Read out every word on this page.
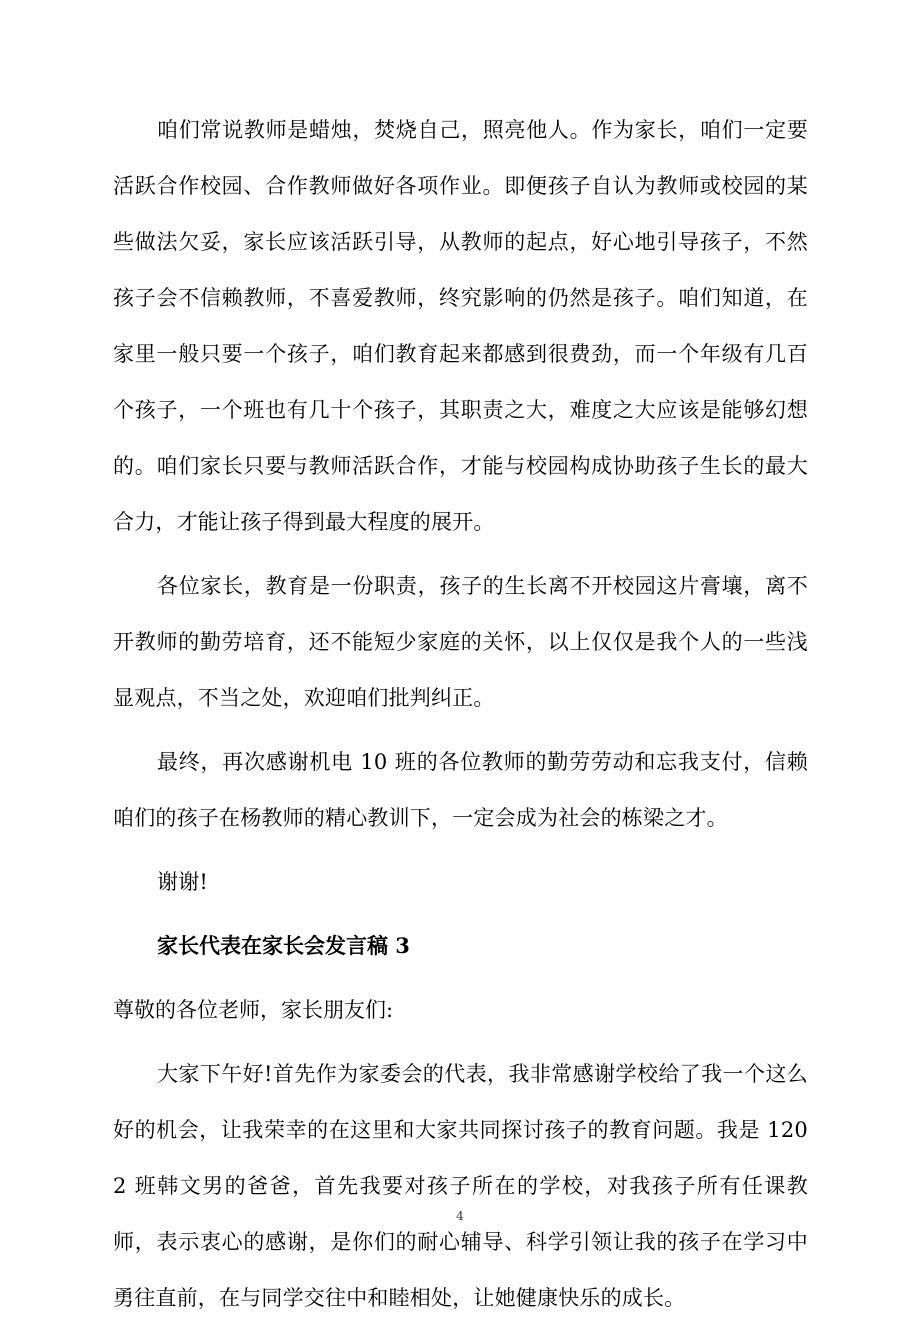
咱们常说教师是蜡烛，焚烧自己，照亮他人。作为家长，咱们一定要活跃合作校园、合作教师做好各项作业。即便孩子自认为教师或校园的某些做法欠妥，家长应该活跃引导，从教师的起点，好心地引导孩子，不然孩子会不信赖教师，不喜爱教师，终究影响的仍然是孩子。咱们知道，在家里一般只要一个孩子，咱们教育起来都感到很费劲，而一个年级有几百个孩子，一个班也有几十个孩子，其职责之大，难度之大应该是能够幻想的。咱们家长只要与教师活跃合作，才能与校园构成协助孩子生长的最大合力，才能让孩子得到最大程度的展开。

各位家长，教育是一份职责，孩子的生长离不开校园这片膏壤，离不开教师的勤劳培育，还不能短少家庭的关怀，以上仅仅是我个人的一些浅显观点，不当之处，欢迎咱们批判纠正。

最终，再次感谢机电 10 班的各位教师的勤劳劳动和忘我支付，信赖咱们的孩子在杨教师的精心教训下，一定会成为社会的栋梁之才。

谢谢!

家长代表在家长会发言稿 3

尊敬的各位老师，家长朋友们:

大家下午好!首先作为家委会的代表，我非常感谢学校给了我一个这么好的机会，让我荣幸的在这里和大家共同探讨孩子的教育问题。我是 1202 班韩文男的爸爸，首先我要对孩子所在的学校，对我孩子所有任课教师，表示衷心的感谢，是你们的耐心辅导、科学引领让我的孩子在学习中勇往直前，在与同学交往中和睦相处，让她健康快乐的成长。

4
